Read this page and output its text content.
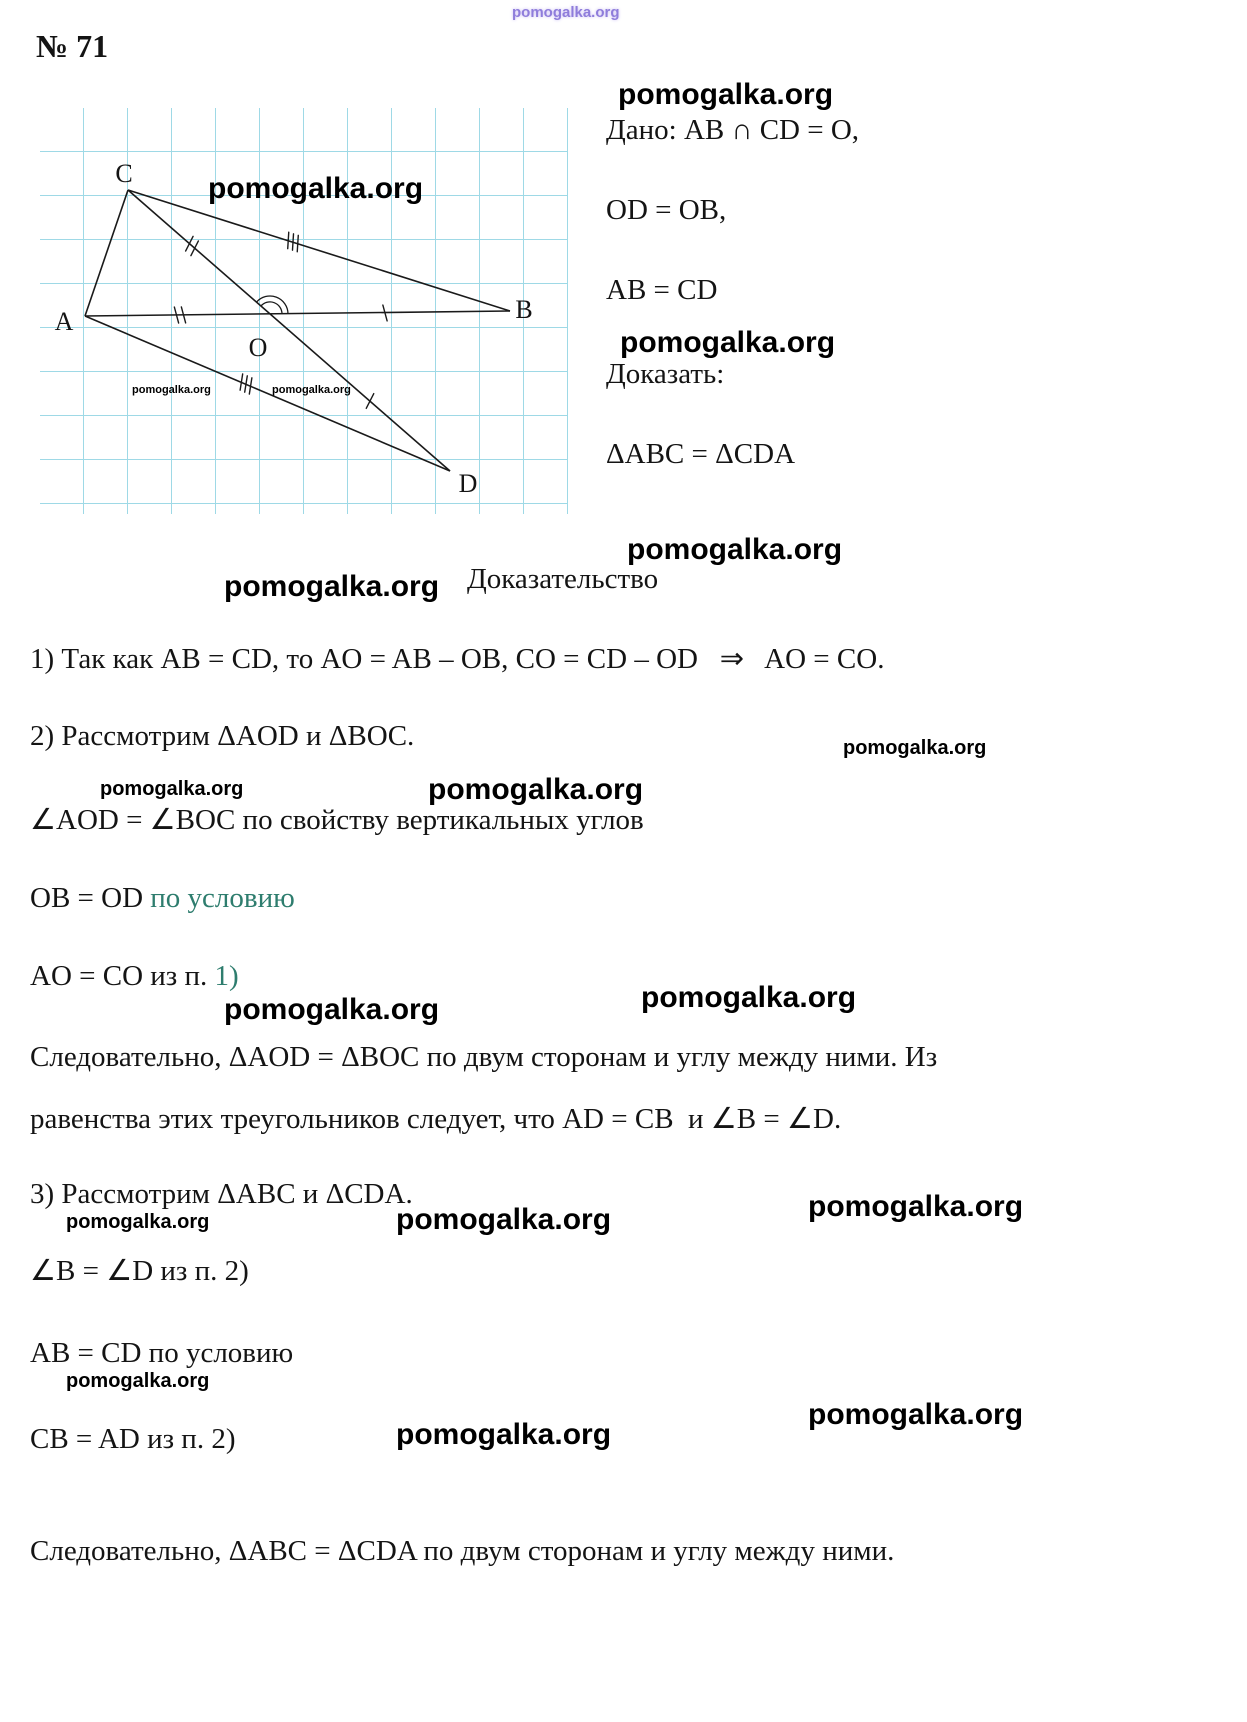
pomogalka.org
№ 71
C
A	B
O
D
pomogalka.org
pomogalka.org	pomogalka.org
pomogalka.org
Дано: AB ∩ CD = O,
OD = OB,
AB = CD
pomogalka.org
Доказать:
ΔABC = ΔCDA
pomogalka.org
pomogalka.org Доказательство
1) Так как AB = CD, то AO = AB – OB, CO = CD – OD   ⇒   AO = CO.
2) Рассмотрим ΔAOD и ΔBOC.	pomogalka.org
pomogalka.org	pomogalka.org
∠AOD = ∠BOC по свойству вертикальных углов
OB = OD по условию
AO = CO из п. 1)
pomogalka.org	pomogalka.org
Следовательно, ΔAOD = ΔBOC по двум сторонам и углу между ними. Из
равенства этих треугольников следует, что AD = CB  и ∠B = ∠D.
3) Рассмотрим ΔABC и ΔCDA.	pomogalka.org
pomogalka.org	pomogalka.org
∠B = ∠D из п. 2)
AB = CD по условию
pomogalka.org
CB = AD из п. 2)	pomogalka.org
pomogalka.org
Следовательно, ΔABC = ΔCDA по двум сторонам и углу между ними.
